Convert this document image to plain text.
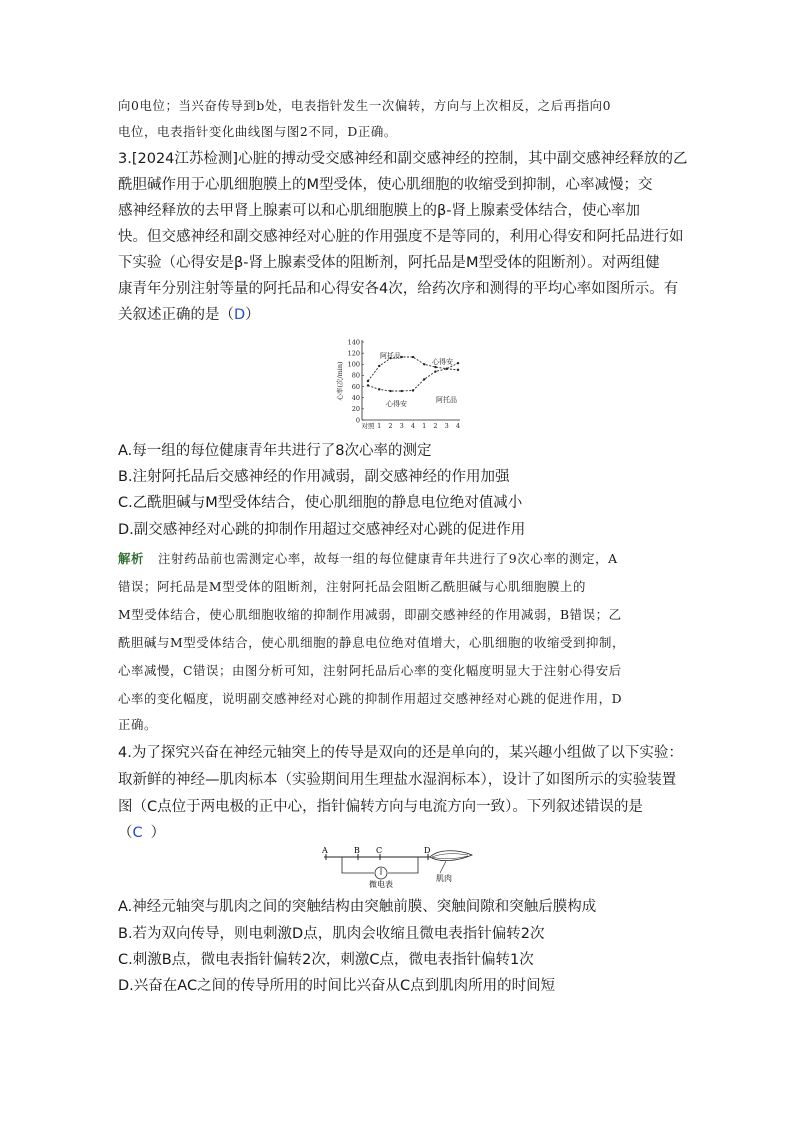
向0电位；当兴奋传导到b处，电表指针发生一次偏转，方向与上次相反，之后再指向0
电位，电表指针变化曲线图与图2不同，D正确。
3.[2024江苏检测]心脏的搏动受交感神经和副交感神经的控制，其中副交感神经释放的乙
酰胆碱作用于心肌细胞膜上的M型受体，使心肌细胞的收缩受到抑制，心率减慢；交
感神经释放的去甲肾上腺素可以和心肌细胞膜上的β-肾上腺素受体结合，使心率加
快。但交感神经和副交感神经对心脏的作用强度不是等同的，利用心得安和阿托品进行如
下实验（心得安是β-肾上腺素受体的阻断剂，阿托品是M型受体的阻断剂）。对两组健
康青年分别注射等量的阿托品和心得安各4次，给药次序和测得的平均心率如图所示。有
关叙述正确的是（D）
0
20
40
60
80
100
120
140
心率(次/min)
对照 1 2 3 4 1 2 3 4
阿托品
心得安
心得安	阿托品
A.每一组的每位健康青年共进行了8次心率的测定
B.注射阿托品后交感神经的作用减弱，副交感神经的作用加强
C.乙酰胆碱与M型受体结合，使心肌细胞的静息电位绝对值减小
D.副交感神经对心跳的抑制作用超过交感神经对心跳的促进作用
解析 注射药品前也需测定心率，故每一组的每位健康青年共进行了9次心率的测定，A
错误；阿托品是M型受体的阻断剂，注射阿托品会阻断乙酰胆碱与心肌细胞膜上的
M型受体结合，使心肌细胞收缩的抑制作用减弱，即副交感神经的作用减弱，B错误；乙
酰胆碱与M型受体结合，使心肌细胞的静息电位绝对值增大，心肌细胞的收缩受到抑制，
心率减慢，C错误；由图分析可知，注射阿托品后心率的变化幅度明显大于注射心得安后
心率的变化幅度，说明副交感神经对心跳的抑制作用超过交感神经对心跳的促进作用，D
正确。
4.为了探究兴奋在神经元轴突上的传导是双向的还是单向的，某兴趣小组做了以下实验：
取新鲜的神经—肌肉标本（实验期间用生理盐水湿润标本），设计了如图所示的实验装置
图（C点位于两电极的正中心，指针偏转方向与电流方向一致）。下列叙述错误的是
（C ）
A	B C	D
微电表
肌肉
A.神经元轴突与肌肉之间的突触结构由突触前膜、突触间隙和突触后膜构成
B.若为双向传导，则电刺激D点，肌肉会收缩且微电表指针偏转2次
C.刺激B点，微电表指针偏转2次，刺激C点，微电表指针偏转1次
D.兴奋在AC之间的传导所用的时间比兴奋从C点到肌肉所用的时间短
